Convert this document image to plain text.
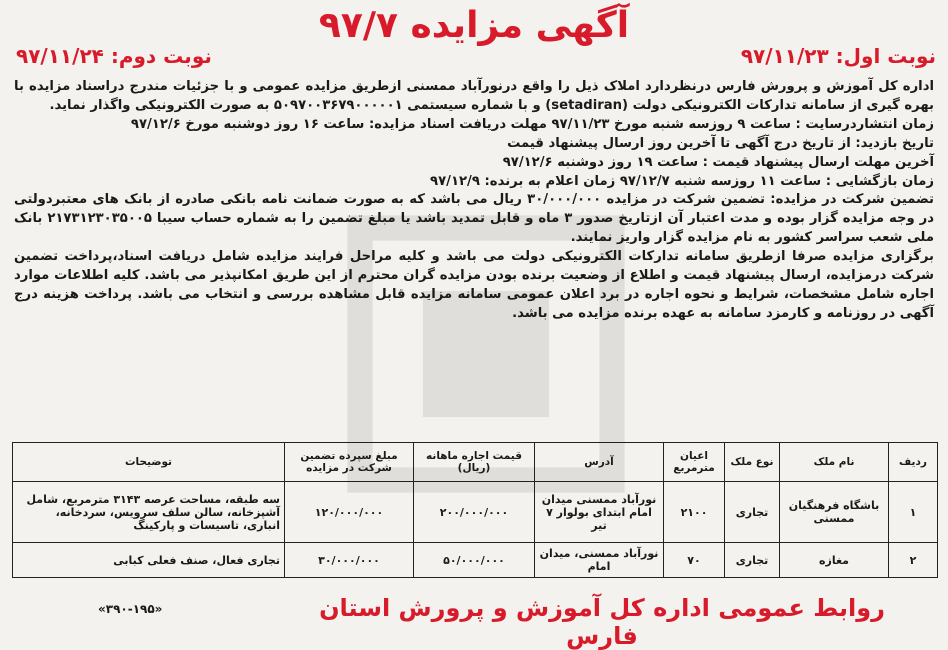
آگهی مزایده ۹۷/۷
نوبت اول: ۹۷/۱۱/۲۳
نوبت دوم: ۹۷/۱۱/۲۴

اداره کل آموزش و پرورش فارس درنظردارد املاک ذیل را واقع درنورآباد ممسنی ازطریق مزایده عمومی و با جزئیات مندرج دراسناد مزایده با بهره گیری از سامانه تدارکات الکترونیکی دولت (setadiran) و با شماره سیستمی ۵۰۹۷۰۰۳۶۷۹۰۰۰۰۰۱ به صورت الکترونیکی واگذار نماید.

زمان انتشاردرسایت : ساعت ۹ روزسه شنبه مورخ ۹۷/۱۱/۲۳ مهلت دریافت اسناد مزایده: ساعت ۱۶ روز دوشنبه مورخ ۹۷/۱۲/۶

تاریخ بازدید: از تاریخ درج آگهی تا آخرین روز ارسال پیشنهاد قیمت

آخرین مهلت ارسال پیشنهاد قیمت : ساعت ۱۹ روز دوشنبه ۹۷/۱۲/۶

زمان بازگشایی : ساعت ۱۱ روزسه شنبه ۹۷/۱۲/۷ زمان اعلام به برنده: ۹۷/۱۲/۹

تضمین شرکت در مزایده: تضمین شرکت در مزایده ۳۰/۰۰۰/۰۰۰ ریال می باشد که به صورت ضمانت نامه بانکی صادره از بانک های معتبردولتی در وجه مزایده گزار بوده و مدت اعتبار آن ازتاریخ صدور ۳ ماه و قابل تمدید باشد یا مبلغ تضمین را به شماره حساب سیبا ۲۱۷۳۱۲۳۰۳۵۰۰۵ بانک ملی شعب سراسر کشور به نام مزایده گزار واریز نمایند.

برگزاری مزایده صرفا ازطریق سامانه تدارکات الکترونیکی دولت می باشد و کلیه مراحل فرایند مزایده شامل دریافت اسناد،پرداخت تضمین شرکت درمزایده، ارسال پیشنهاد قیمت و اطلاع از وضعیت برنده بودن مزایده گران محترم از این طریق امکانپذیر می باشد. کلیه اطلاعات موارد اجاره شامل مشخصات، شرایط و نحوه اجاره در برد اعلان عمومی سامانه مزایده قابل مشاهده بررسی و انتخاب می باشد. پرداخت هزینه درج آگهی در روزنامه و کارمزد سامانه به عهده برنده مزایده می باشد.

ردیف	نام ملک	نوع ملک	اعیان مترمربع	آدرس	قیمت اجاره ماهانه (ریال)	مبلغ سپرده تضمین شرکت در مزایده	توضیحات
۱	باشگاه فرهنگیان ممسنی	تجاری	۲۱۰۰	نورآباد ممسنی میدان امام ابتدای بولوار ۷ تیر	۲۰۰/۰۰۰/۰۰۰	۱۲۰/۰۰۰/۰۰۰	سه طبقه، مساحت عرصه ۳۱۴۳ مترمربع، شامل آشپزخانه، سالن سلف سرویس، سردخانه، انباری، تاسیسات و پارکینگ
۲	مغازه	تجاری	۷۰	نورآباد ممسنی، میدان امام	۵۰/۰۰۰/۰۰۰	۳۰/۰۰۰/۰۰۰	تجاری فعال، صنف فعلی کبابی
روابط عمومی اداره کل آموزش و پرورش استان فارس
«۳۹۰-۱۹۵»
